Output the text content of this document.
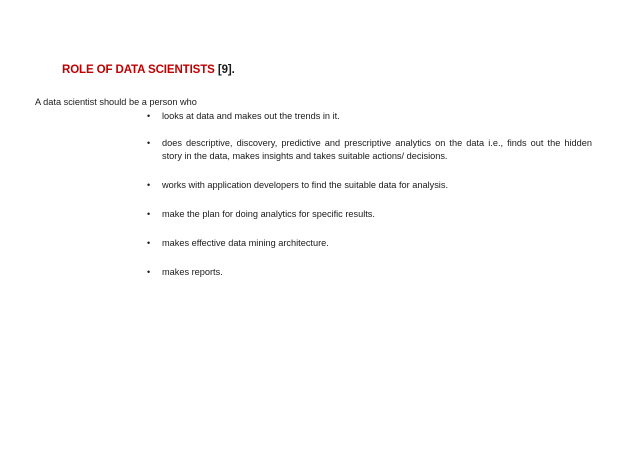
ROLE OF DATA SCIENTISTS [9].
A data scientist should be a person who
• looks at data and makes out the trends in it.
• does descriptive, discovery, predictive and prescriptive analytics on the data i.e., finds out the hidden story in the data, makes insights and takes suitable actions/ decisions.
• works with application developers to find the suitable data for analysis.
• make the plan for doing analytics for specific results.
• makes effective data mining architecture.
• makes reports.
